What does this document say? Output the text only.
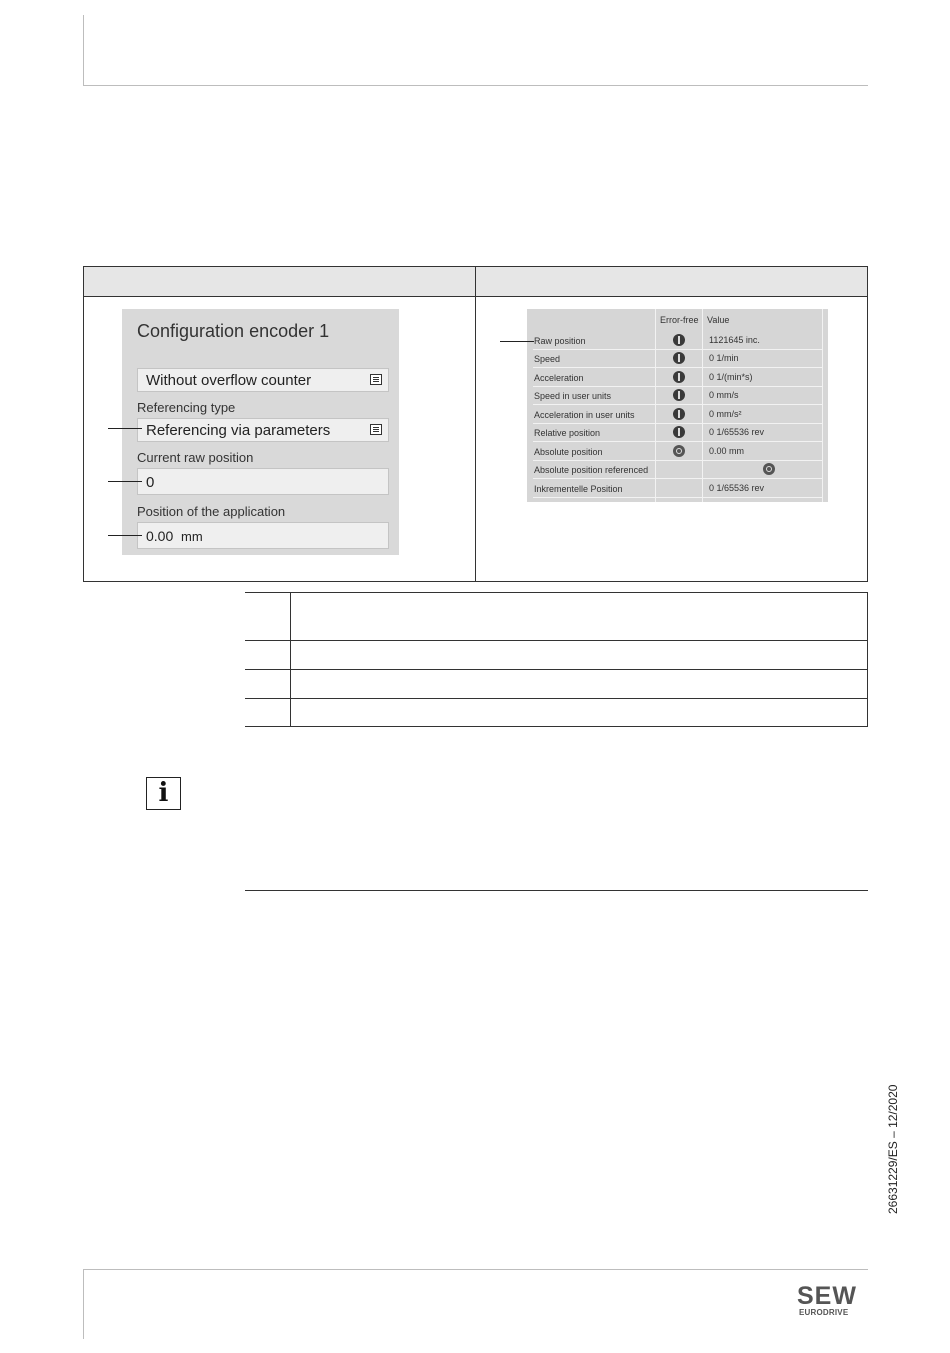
Configuration encoder 1
Without overflow counter
Referencing type
Referencing via parameters
Current raw position
0
Position of the application
0.00 mm
Error-free Value
Raw position	1121645 inc.
Speed	0 1/min
Acceleration	0 1/(min*s)
Speed in user units	0 mm/s
Acceleration in user units	0 mm/s²
Relative position	0 1/65536 rev
Absolute position	0.00 mm
Absolute position referenced
Inkrementelle Position	0 1/65536 rev
i
26631229/ES – 12/2020
SEW
EURODRIVE
